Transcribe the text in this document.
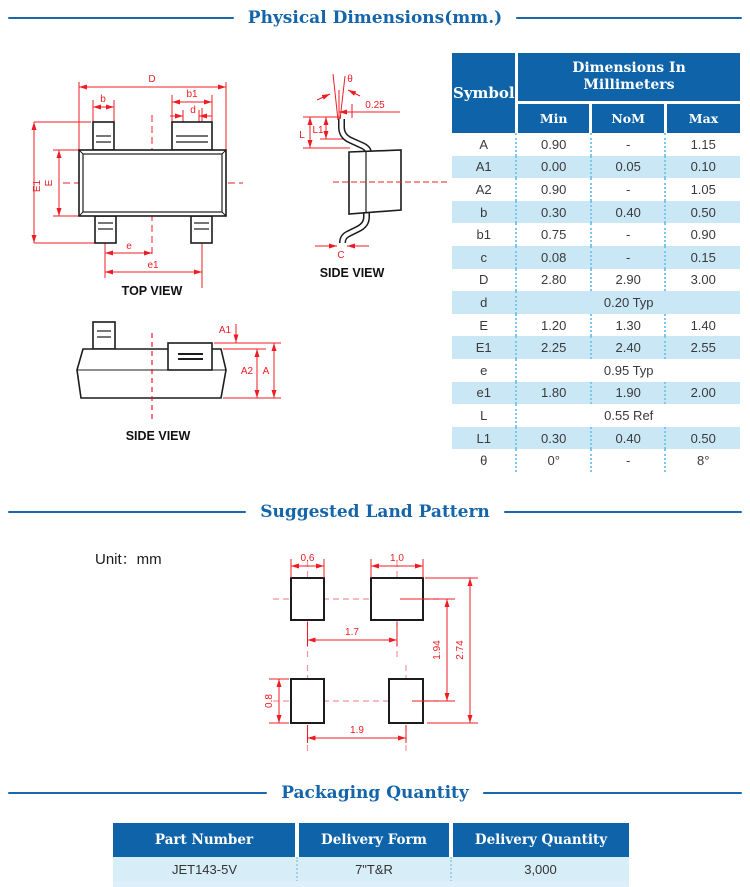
Physical Dimensions(mm.)
D
b	b1
d
E1 E
e
e1
TOP VIEW
θ
0.25
L L1
C
SIDE VIEW
A1
A2 A
SIDE VIEW
Symbol	Dimensions In Millimeters		
	Min	NoM	Max
A	0.90	-	1.15
A1	0.00	0.05	0.10
A2	0.90	-	1.05
b	0.30	0.40	0.50
b1	0.75	-	0.90
c	0.08	-	0.15
D	2.80	2.90	3.00
d	0.20 Typ		
E	1.20	1.30	1.40
E1	2.25	2.40	2.55
e	0.95 Typ		
e1	1.80	1.90	2.00
L	0.55 Ref		
L1	0.30	0.40	0.50
θ	0°	-	8°
Suggested Land Pattern
Unit：mm	0.6	1.0
1.7
1.94 2.74
0.8
1.9
Packaging Quantity
Part Number	Delivery Form	Delivery Quantity
JET143-5V	7"T&R	3,000
